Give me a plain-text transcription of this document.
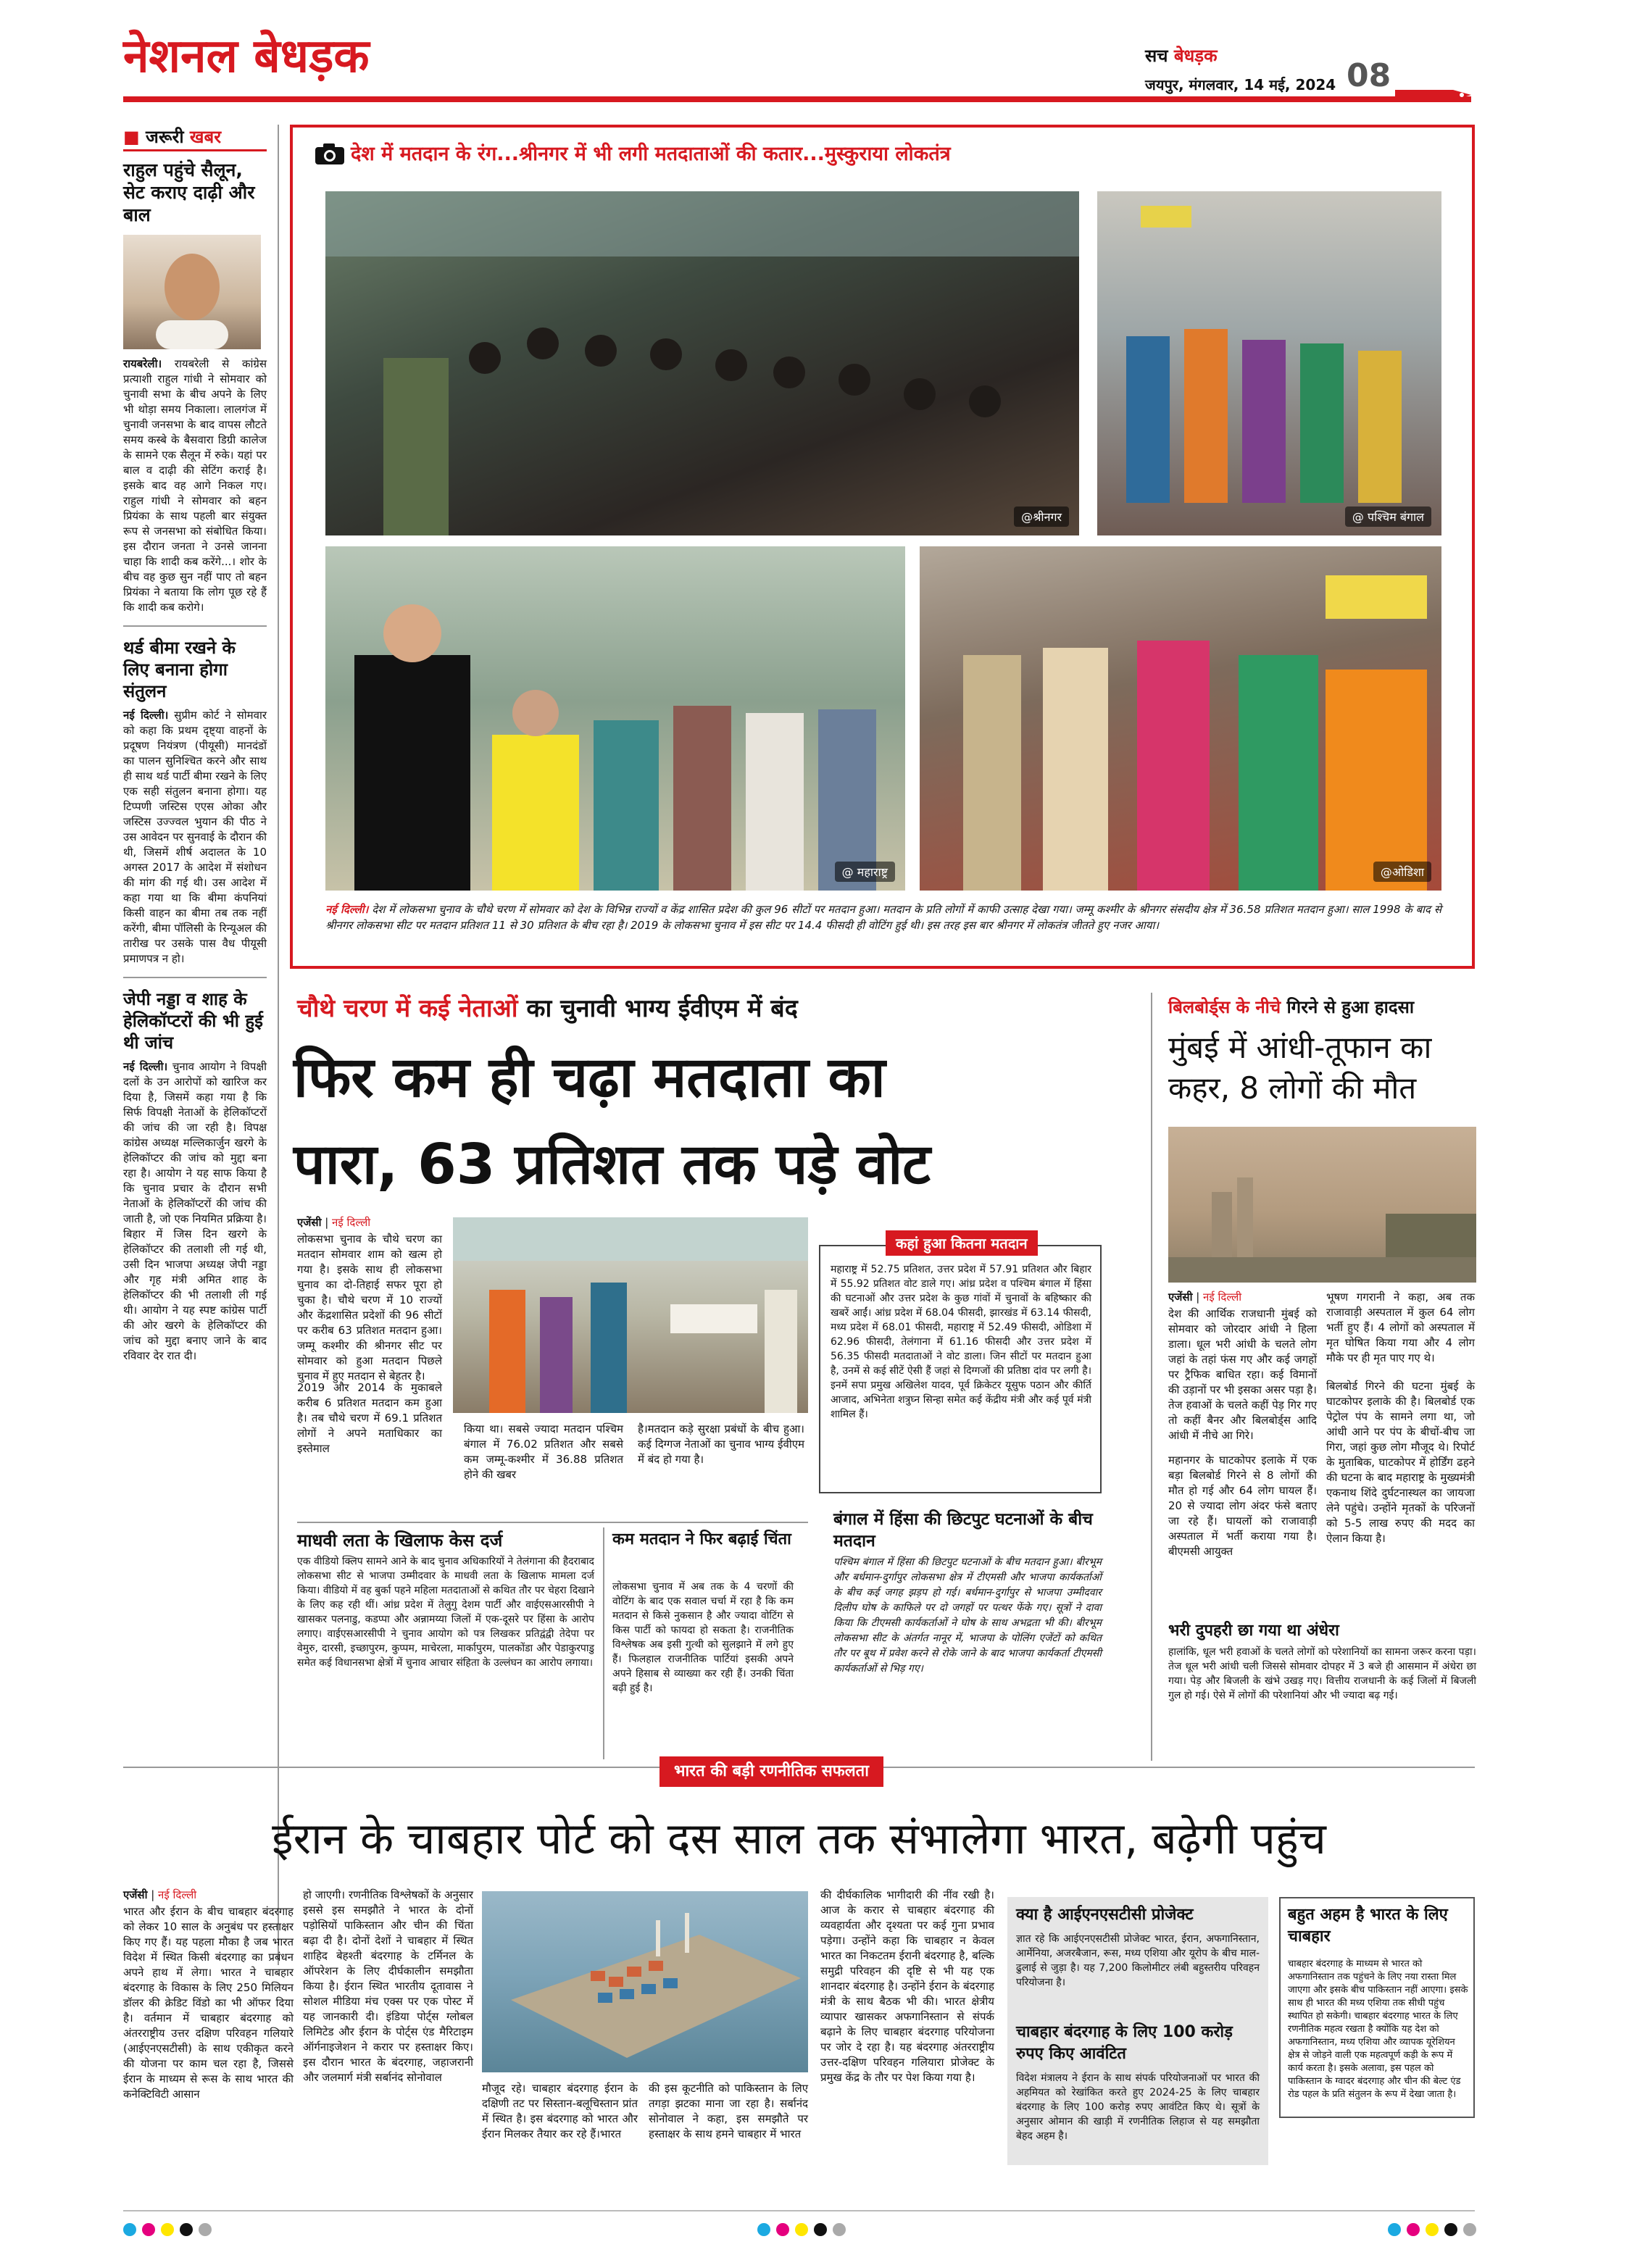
नेशनल बेधड़क	सच बेधड़क
जयपुर, मंगलवार, 14 मई, 2024 08
■ जरूरी खबर
राहुल पहुंचे सैलून, सेट कराए दाढ़ी और बाल
रायबरेली। रायबरेली से कांग्रेस प्रत्याशी राहुल गांधी ने सोमवार को चुनावी सभा के बीच अपने के लिए भी थोड़ा समय निकाला। लालगंज में चुनावी जनसभा के बाद वापस लौटते समय कस्बे के बैसवारा डिग्री कालेज के सामने एक सैलून में रुके। यहां पर बाल व दाढ़ी की सेटिंग कराई है। इसके बाद वह आगे निकल गए। राहुल गांधी ने सोमवार को बहन प्रियंका के साथ पहली बार संयुक्त रूप से जनसभा को संबोधित किया। इस दौरान जनता ने उनसे जानना चाहा कि शादी कब करेंगे...। शोर के बीच वह कुछ सुन नहीं पाए तो बहन प्रियंका ने बताया कि लोग पूछ रहे हैं कि शादी कब करोगे।
थर्ड बीमा रखने के लिए बनाना होगा संतुलन
नई दिल्ली। सुप्रीम कोर्ट ने सोमवार को कहा कि प्रथम दृष्ट्या वाहनों के प्रदूषण नियंत्रण (पीयूसी) मानदंडों का पालन सुनिश्चित करने और साथ ही साथ थर्ड पार्टी बीमा रखने के लिए एक सही संतुलन बनाना होगा। यह टिप्पणी जस्टिस एएस ओका और जस्टिस उज्ज्वल भुयान की पीठ ने उस आवेदन पर सुनवाई के दौरान की थी, जिसमें शीर्ष अदालत के 10 अगस्त 2017 के आदेश में संशोधन की मांग की गई थी। उस आदेश में कहा गया था कि बीमा कंपनियां किसी वाहन का बीमा तब तक नहीं करेंगी, बीमा पॉलिसी के रिन्यूअल की तारीख पर उसके पास वैध पीयूसी प्रमाणपत्र न हो।
जेपी नड्डा व शाह के हेलिकॉप्टरों की भी हुई थी जांच
नई दिल्ली। चुनाव आयोग ने विपक्षी दलों के उन आरोपों को खारिज कर दिया है, जिसमें कहा गया है कि सिर्फ विपक्षी नेताओं के हेलिकॉप्टरों की जांच की जा रही है। विपक्ष कांग्रेस अध्यक्ष मल्लिकार्जुन खरगे के हेलिकॉप्टर की जांच को मुद्दा बना रहा है। आयोग ने यह साफ किया है कि चुनाव प्रचार के दौरान सभी नेताओं के हेलिकॉप्टरों की जांच की जाती है, जो एक नियमित प्रक्रिया है। बिहार में जिस दिन खरगे के हेलिकॉप्टर की तलाशी ली गई थी, उसी दिन भाजपा अध्यक्ष जेपी नड्डा और गृह मंत्री अमित शाह के हेलिकॉप्टर की भी तलाशी ली गई थी। आयोग ने यह स्पष्ट कांग्रेस पार्टी की ओर खरगे के हेलिकॉप्टर की जांच को मुद्दा बनाए जाने के बाद रविवार देर रात दी।
देश में मतदान के रंग...श्रीनगर में भी लगी मतदाताओं की कतार...मुस्कुराया लोकतंत्र
@श्रीनगर	@ पश्चिम बंगाल
@ महाराष्ट्र	@ओडिशा
नई दिल्ली। देश में लोकसभा चुनाव के चौथे चरण में सोमवार को देश के विभिन्न राज्यों व केंद्र शासित प्रदेश की कुल 96 सीटों पर मतदान हुआ। मतदान के प्रति लोगों में काफी उत्साह देखा गया। जम्मू कश्मीर के श्रीनगर संसदीय क्षेत्र में 36.58 प्रतिशत मतदान हुआ। साल 1998 के बाद से श्रीनगर लोकसभा सीट पर मतदान प्रतिशत 11 से 30 प्रतिशत के बीच रहा है। 2019 के लोकसभा चुनाव में इस सीट पर 14.4 फीसदी ही वोटिंग हुई थी। इस तरह इस बार श्रीनगर में लोकतंत्र जीतते हुए नजर आया।
चौथे चरण में कई नेताओं का चुनावी भाग्य ईवीएम में बंद
फिर कम ही चढ़ा मतदाता का
पारा, 63 प्रतिशत तक पड़े वोट
एजेंसी | नई दिल्ली
लोकसभा चुनाव के चौथे चरण का मतदान सोमवार शाम को खत्म हो गया है। इसके साथ ही लोकसभा चुनाव का दो-तिहाई सफर पूरा हो चुका है। चौथे चरण में 10 राज्यों और केंद्रशासित प्रदेशों की 96 सीटों पर करीब 63 प्रतिशत मतदान हुआ। जम्मू कश्मीर की श्रीनगर सीट पर सोमवार को हुआ मतदान पिछले चुनाव में हुए मतदान से बेहतर है।
2019 और 2014 के मुकाबले करीब 6 प्रतिशत मतदान कम हुआ है। तब चौथे चरण में 69.1 प्रतिशत लोगों ने अपने मताधिकार का इस्तेमाल
किया था। सबसे ज्यादा मतदान पश्चिम बंगाल में 76.02 प्रतिशत और सबसे कम जम्मू-कश्मीर में 36.88 प्रतिशत होने की खबर
है।मतदान कड़े सुरक्षा प्रबंधों के बीच हुआ। कई दिग्गज नेताओं का चुनाव भाग्य ईवीएम में बंद हो गया है।
कहां हुआ कितना मतदान
महाराष्ट्र में 52.75 प्रतिशत, उत्तर प्रदेश में 57.91 प्रतिशत और बिहार में 55.92 प्रतिशत वोट डाले गए। आंध्र प्रदेश व पश्चिम बंगाल में हिंसा की घटनाओं और उत्तर प्रदेश के कुछ गांवों में चुनावों के बहिष्कार की खबरें आईं। आंध्र प्रदेश में 68.04 फीसदी, झारखंड में 63.14 फीसदी, मध्य प्रदेश में 68.01 फीसदी, महाराष्ट्र में 52.49 फीसदी, ओडिशा में 62.96 फीसदी, तेलंगाना में 61.16 फीसदी और उत्तर प्रदेश में 56.35 फीसदी मतदाताओं ने वोट डाला। जिन सीटों पर मतदान हुआ है, उनमें से कई सीटें ऐसी हैं जहां से दिग्गजों की प्रतिष्ठा दांव पर लगी है। इनमें सपा प्रमुख अखिलेश यादव, पूर्व क्रिकेटर यूसुफ पठान और कीर्ति आजाद, अभिनेता शत्रुघ्न सिन्हा समेत कई केंद्रीय मंत्री और कई पूर्व मंत्री शामिल हैं।
माधवी लता के खिलाफ केस दर्ज
एक वीडियो क्लिप सामने आने के बाद चुनाव अधिकारियों ने तेलंगाना की हैदराबाद लोकसभा सीट से भाजपा उम्मीदवार के माधवी लता के खिलाफ मामला दर्ज किया। वीडियो में वह बुर्का पहने महिला मतदाताओं से कथित तौर पर चेहरा दिखाने के लिए कह रही थीं। आंध्र प्रदेश में तेलुगु देशम पार्टी और वाईएसआरसीपी ने खासकर पलनाडु, कडप्पा और अन्नामय्या जिलों में एक-दूसरे पर हिंसा के आरोप लगाए। वाईएसआरसीपी ने चुनाव आयोग को पत्र लिखकर प्रतिद्वंद्वी तेदेपा पर वेमुरु, दारसी, इच्छापुरम, कुप्पम, माचेरला, मार्कापुरम, पालकोंडा और पेडाकुरपाडु समेत कई विधानसभा क्षेत्रों में चुनाव आचार संहिता के उल्लंघन का आरोप लगाया।
कम मतदान ने फिर बढ़ाई चिंता
लोकसभा चुनाव में अब तक के 4 चरणों की वोटिंग के बाद एक सवाल चर्चा में रहा है कि कम मतदान से किसे नुकसान है और ज्यादा वोटिंग से किस पार्टी को फायदा हो सकता है। राजनीतिक विश्लेषक अब इसी गुत्थी को सुलझाने में लगे हुए हैं। फिलहाल राजनीतिक पार्टियां इसकी अपने अपने हिसाब से व्याख्या कर रही हैं। उनकी चिंता बढ़ी हुई है।
बंगाल में हिंसा की छिटपुट घटनाओं के बीच मतदान
पश्चिम बंगाल में हिंसा की छिटपुट घटनाओं के बीच मतदान हुआ। बीरभूम और बर्धमान-दुर्गापुर लोकसभा क्षेत्र में टीएमसी और भाजपा कार्यकर्ताओं के बीच कई जगह झड़प हो गई। बर्धमान-दुर्गापुर से भाजपा उम्मीदवार दिलीप घोष के काफिले पर दो जगहों पर पत्थर फेंके गए। सूत्रों ने दावा किया कि टीएमसी कार्यकर्ताओं ने घोष के साथ अभद्रता भी की। बीरभूम लोकसभा सीट के अंतर्गत नानूर में, भाजपा के पोलिंग एजेंटों को कथित तौर पर बूथ में प्रवेश करने से रोके जाने के बाद भाजपा कार्यकर्ता टीएमसी कार्यकर्ताओं से भिड़ गए।
बिलबोर्ड्स के नीचे गिरने से हुआ हादसा
मुंबई में आंधी-तूफान का कहर, 8 लोगों की मौत
एजेंसी | नई दिल्ली
देश की आर्थिक राजधानी मुंबई को सोमवार को जोरदार आंधी ने हिला डाला। धूल भरी आंधी के चलते लोग जहां के तहां फंस गए और कई जगहों पर ट्रैफिक बाधित रहा। कई विमानों की उड़ानों पर भी इसका असर पड़ा है। तेज हवाओं के चलते कहीं पेड़ गिर गए तो कहीं बैनर और बिलबोर्ड्स आदि आंधी में नीचे आ गिरे।
महानगर के घाटकोपर इलाके में एक बड़ा बिलबोर्ड गिरने से 8 लोगों की मौत हो गई और 64 लोग घायल हैं। 20 से ज्यादा लोग अंदर फंसे बताए जा रहे हैं। घायलों को राजावाड़ी अस्पताल में भर्ती कराया गया है। बीएमसी आयुक्त
भूषण गगरानी ने कहा, अब तक राजावाड़ी अस्पताल में कुल 64 लोग भर्ती हुए हैं। 4 लोगों को अस्पताल में मृत घोषित किया गया और 4 लोग मौके पर ही मृत पाए गए थे।
बिलबोर्ड गिरने की घटना मुंबई के घाटकोपर इलाके की है। बिलबोर्ड एक पेट्रोल पंप के सामने लगा था, जो आंधी आने पर पंप के बीचों-बीच जा गिरा, जहां कुछ लोग मौजूद थे। रिपोर्ट के मुताबिक, घाटकोपर में होर्डिंग ढहने की घटना के बाद महाराष्ट्र के मुख्यमंत्री एकनाथ शिंदे दुर्घटनास्थल का जायजा लेने पहुंचे। उन्होंने मृतकों के परिजनों को 5-5 लाख रुपए की मदद का ऐलान किया है।
भरी दुपहरी छा गया था अंधेरा
हालांकि, धूल भरी हवाओं के चलते लोगों को परेशानियों का सामना जरूर करना पड़ा। तेज धूल भरी आंधी चली जिससे सोमवार दोपहर में 3 बजे ही आसमान में अंधेरा छा गया। पेड़ और बिजली के खंभे उखड़ गए। वित्तीय राजधानी के कई जिलों में बिजली गुल हो गई। ऐसे में लोगों की परेशानियां और भी ज्यादा बढ़ गई।
भारत की बड़ी रणनीतिक सफलता
ईरान के चाबहार पोर्ट को दस साल तक संभालेगा भारत, बढ़ेगी पहुंच
एजेंसी | नई दिल्ली
भारत और ईरान के बीच चाबहार बंदरगाह को लेकर 10 साल के अनुबंध पर हस्ताक्षर किए गए हैं। यह पहला मौका है जब भारत विदेश में स्थित किसी बंदरगाह का प्रबंधन अपने हाथ में लेगा। भारत ने चाबहार बंदरगाह के विकास के लिए 250 मिलियन डॉलर की क्रेडिट विंडो का भी ऑफर दिया है। वर्तमान में चाबहार बंदरगाह को अंतरराष्ट्रीय उत्तर दक्षिण परिवहन गलियारे (आईएनएसटीसी) के साथ एकीकृत करने की योजना पर काम चल रहा है, जिससे ईरान के माध्यम से रूस के साथ भारत की कनेक्टिविटी आसान
हो जाएगी। रणनीतिक विश्लेषकों के अनुसार इससे इस समझौते ने भारत के दोनों पड़ोसियों पाकिस्तान और चीन की चिंता बढ़ा दी है। दोनों देशों ने चाबहार में स्थित शाहिद बेहश्ती बंदरगाह के टर्मिनल के ऑपरेशन के लिए दीर्घकालीन समझौता किया है। ईरान स्थित भारतीय दूतावास ने सोशल मीडिया मंच एक्स पर एक पोस्ट में यह जानकारी दी। इंडिया पोर्ट्स ग्लोबल लिमिटेड और ईरान के पोर्ट्स एंड मैरिटाइम ऑर्गनाइजेशन ने करार पर हस्ताक्षर किए। इस दौरान भारत के बंदरगाह, जहाजरानी और जलमार्ग मंत्री सर्बानंद सोनोवाल
मौजूद रहे। चाबहार बंदरगाह ईरान के दक्षिणी तट पर सिस्तान-बलूचिस्तान प्रांत में स्थित है। इस बंदरगाह को भारत और ईरान मिलकर तैयार कर रहे हैं।भारत
की इस कूटनीति को पाकिस्तान के लिए तगड़ा झटका माना जा रहा है। सर्बानंद सोनोवाल ने कहा, इस समझौते पर हस्ताक्षर के साथ हमने चाबहार में भारत
की दीर्घकालिक भागीदारी की नींव रखी है। आज के करार से चाबहार बंदरगाह की व्यवहार्यता और दृश्यता पर कई गुना प्रभाव पड़ेगा। उन्होंने कहा कि चाबहार न केवल भारत का निकटतम ईरानी बंदरगाह है, बल्कि समुद्री परिवहन की दृष्टि से भी यह एक शानदार बंदरगाह है। उन्होंने ईरान के बंदरगाह मंत्री के साथ बैठक भी की। भारत क्षेत्रीय व्यापार खासकर अफगानिस्तान से संपर्क बढ़ाने के लिए चाबहार बंदरगाह परियोजना पर जोर दे रहा है। यह बंदरगाह अंतरराष्ट्रीय उत्तर-दक्षिण परिवहन गलियारा प्रोजेक्ट के प्रमुख केंद्र के तौर पर पेश किया गया है।
क्या है आईएनएसटीसी प्रोजेक्ट
ज्ञात रहे कि आईएनएसटीसी प्रोजेक्ट भारत, ईरान, अफगानिस्तान, आर्मेनिया, अजरबैजान, रूस, मध्य एशिया और यूरोप के बीच माल-ढुलाई से जुड़ा है। यह 7,200 किलोमीटर लंबी बहुस्तरीय परिवहन परियोजना है।
चाबहार बंदरगाह के लिए 100 करोड़ रुपए किए आवंटित
विदेश मंत्रालय ने ईरान के साथ संपर्क परियोजनाओं पर भारत की अहमियत को रेखांकित करते हुए 2024-25 के लिए चाबहार बंदरगाह के लिए 100 करोड़ रुपए आवंटित किए थे। सूत्रों के अनुसार ओमान की खाड़ी में रणनीतिक लिहाज से यह समझौता बेहद अहम है।
बहुत अहम है भारत के लिए चाबहार
चाबहार बंदरगाह के माध्यम से भारत को अफगानिस्तान तक पहुंचने के लिए नया रास्ता मिल जाएगा और इसके बीच पाकिस्तान नहीं आएगा। इसके साथ ही भारत की मध्य एशिया तक सीधी पहुंच स्थापित हो सकेगी। चाबहार बंदरगाह भारत के लिए रणनीतिक महत्व रखता है क्योंकि यह देश को अफगानिस्तान, मध्य एशिया और व्यापक यूरेशियन क्षेत्र से जोड़ने वाली एक महत्वपूर्ण कड़ी के रूप में कार्य करता है। इसके अलावा, इस पहल को पाकिस्तान के ग्वादर बंदरगाह और चीन की बेल्ट एंड रोड पहल के प्रति संतुलन के रूप में देखा जाता है।
